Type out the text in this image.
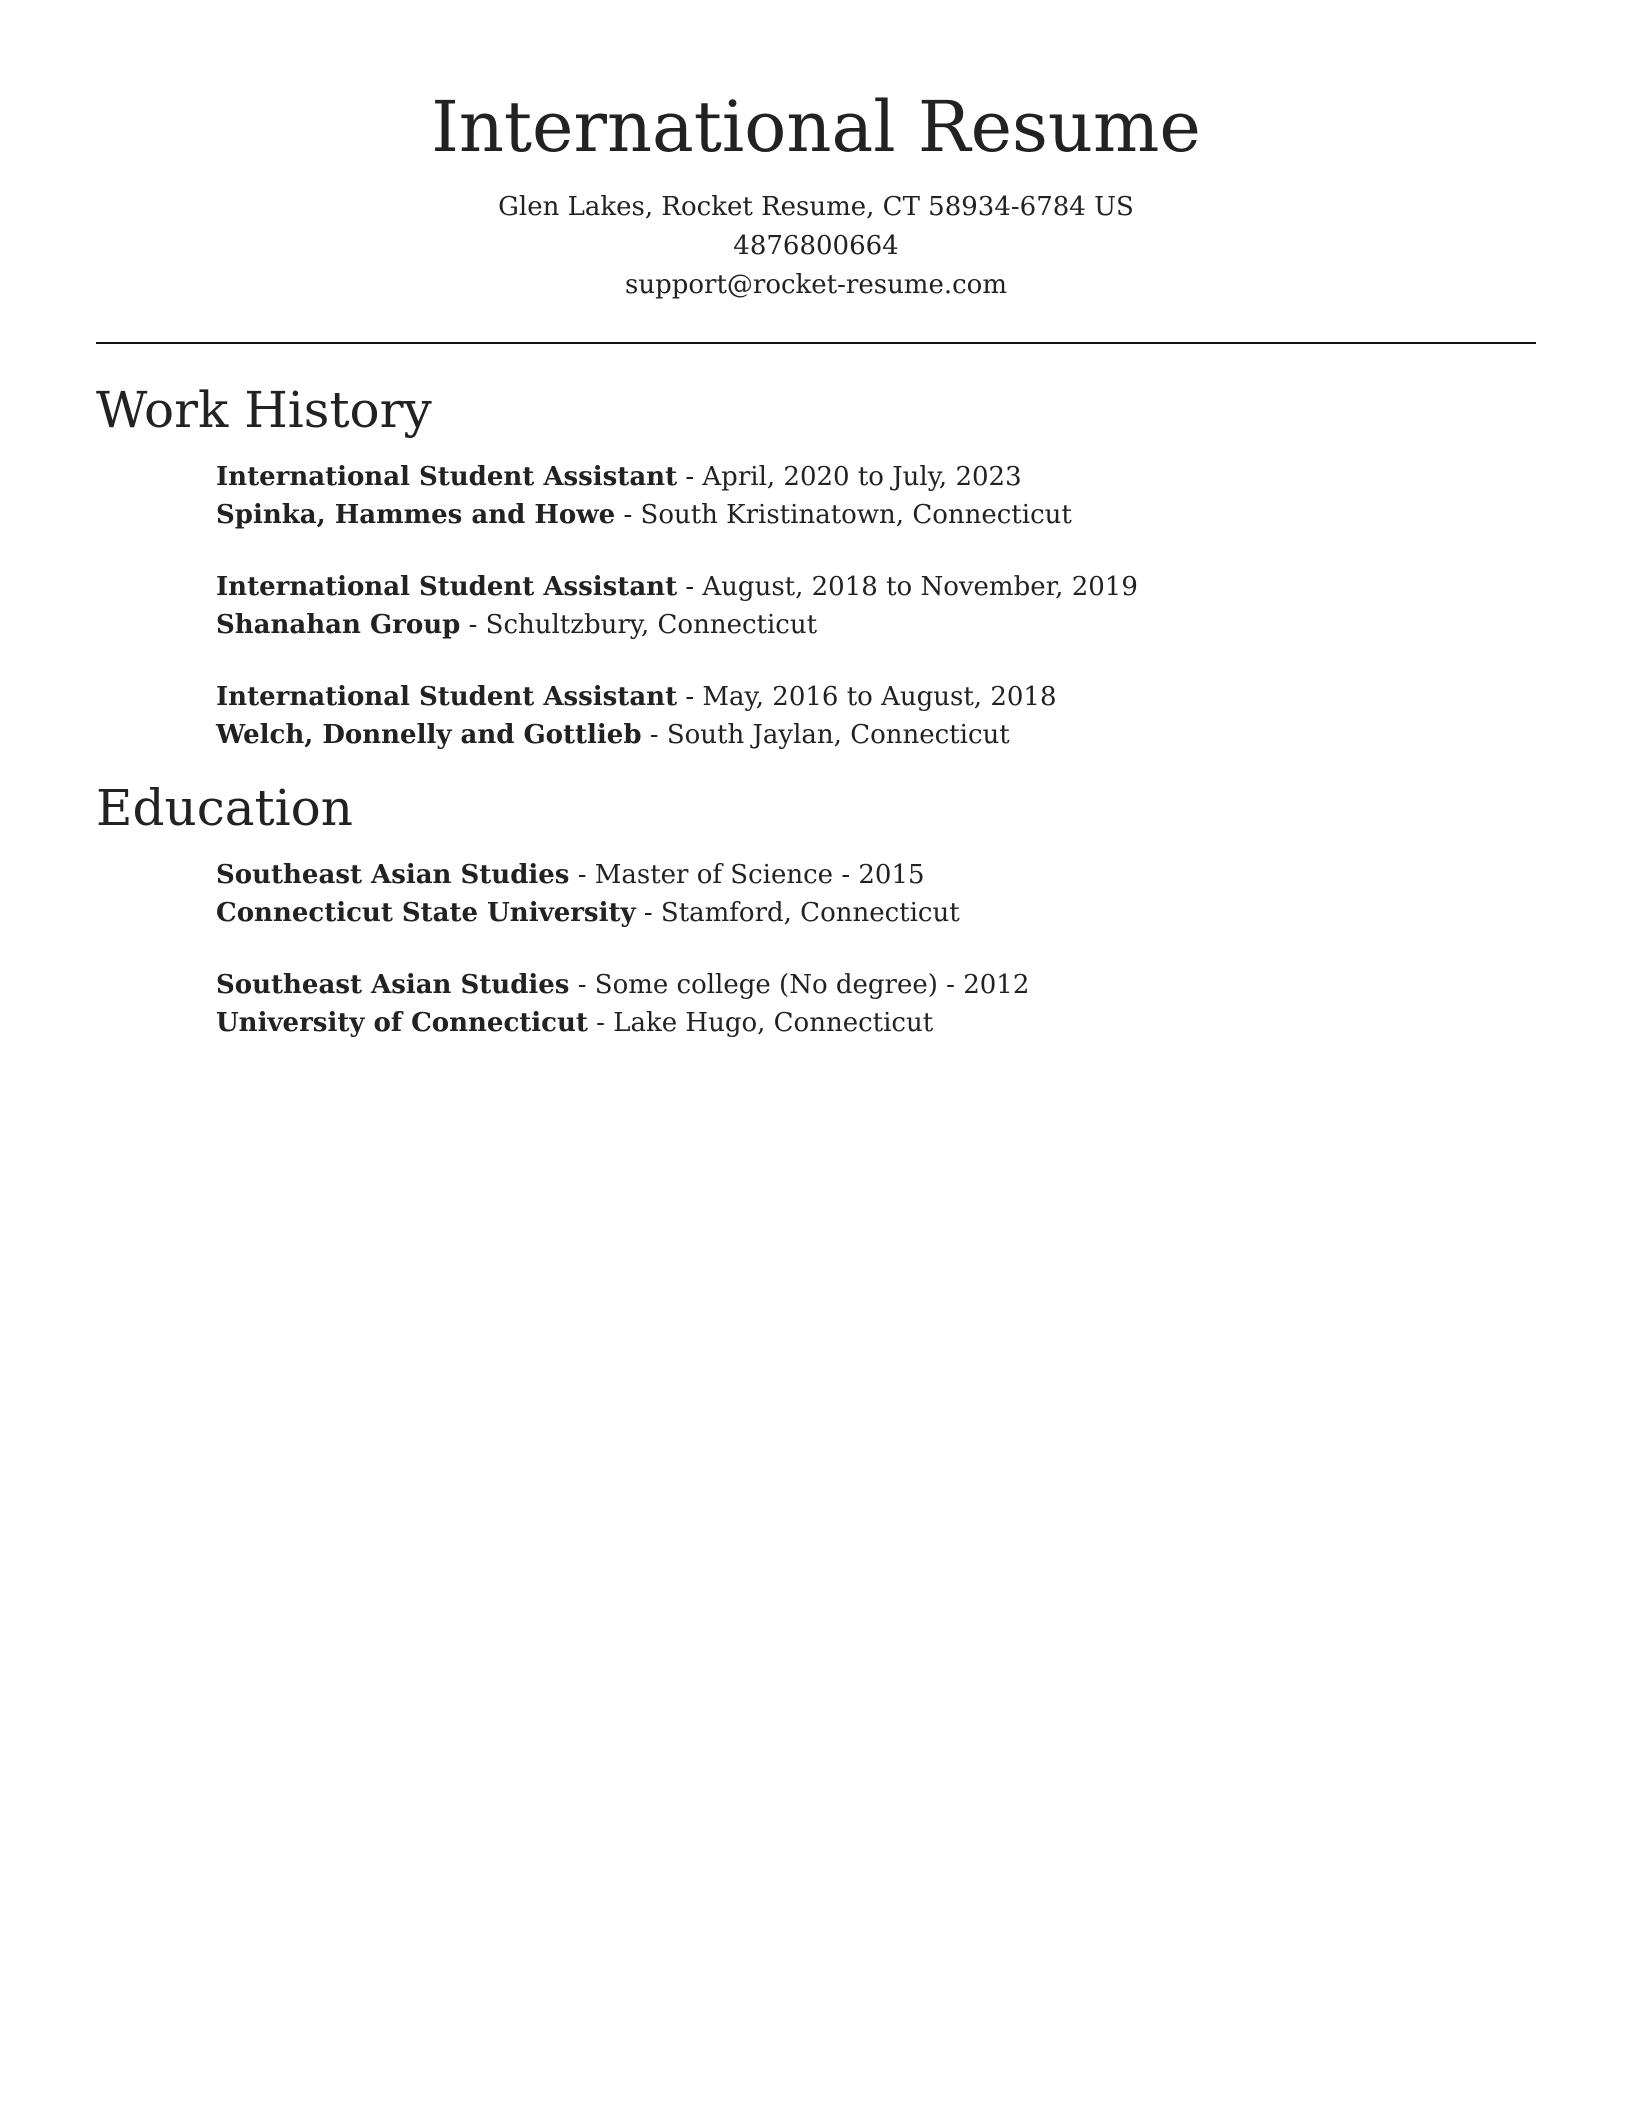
International Resume
Glen Lakes, Rocket Resume, CT 58934-6784 US
4876800664
support@rocket-resume.com
Work History
International Student Assistant - April, 2020 to July, 2023
Spinka, Hammes and Howe - South Kristinatown, Connecticut
International Student Assistant - August, 2018 to November, 2019
Shanahan Group - Schultzbury, Connecticut
International Student Assistant - May, 2016 to August, 2018
Welch, Donnelly and Gottlieb - South Jaylan, Connecticut
Education
Southeast Asian Studies - Master of Science - 2015
Connecticut State University - Stamford, Connecticut
Southeast Asian Studies - Some college (No degree) - 2012
University of Connecticut - Lake Hugo, Connecticut
